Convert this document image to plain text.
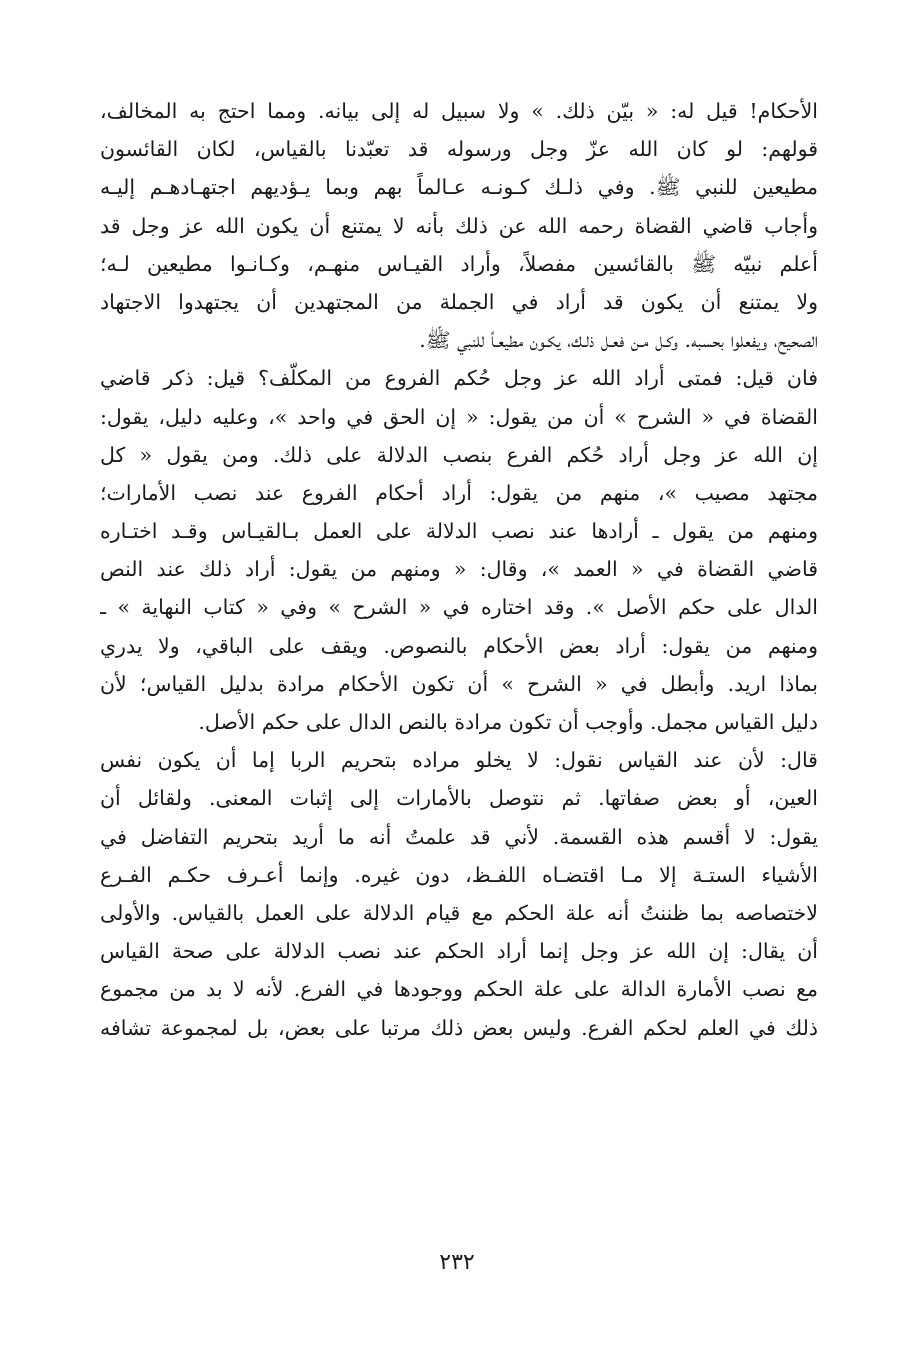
الأحكام! قيل له: « بيّن ذلك. » ولا سبيل له إلى بيانه. ومما احتج به المخالف،
قولهم: لو كان الله عزّ وجل ورسوله قد تعبّدنا بالقياس، لكان القائسون
مطيعين للنبي ﷺ. وفي ذلـك كـونـه عـالماً بهم وبما يـؤديهم اجتهـادهـم إليـه
وأجاب قاضي القضاة رحمه الله عن ذلك بأنه لا يمتنع أن يكون الله عز وجل قد
أعلم نبيّه ﷺ بالقائسين مفصلاً، وأراد القيـاس منهـم، وكـانـوا مطيعين لـه؛
ولا يمتنع أن يكون قد أراد في الجملة من المجتهدين أن يجتهدوا الاجتهاد
الصحيح، ويفعلوا بحسبه. وكـل مـن فعـل ذلـك، يكـون مطيعـاً للنبي ﷺ.
فان قيل: فمتى أراد الله عز وجل حُكم الفروع من المكلّف؟ قيل: ذكر قاضي
القضاة في « الشرح » أن من يقول: « إن الحق في واحد »، وعليه دليل، يقول:
إن الله عز وجل أراد حُكم الفرع بنصب الدلالة على ذلك. ومن يقول « كل
مجتهد مصيب »، منهم من يقول: أراد أحكام الفروع عند نصب الأمارات؛
ومنهم من يقول ـ أرادها عند نصب الدلالة على العمل بـالقيـاس وقـد اختـاره
قاضي القضاة في « العمد »، وقال: « ومنهم من يقول: أراد ذلك عند النص
الدال على حكم الأصل ». وقد اختاره في « الشرح » وفي « كتاب النهاية » ـ
ومنهم من يقول: أراد بعض الأحكام بالنصوص. ويقف على الباقي، ولا يدري
بماذا اريد. وأبطل في « الشرح » أن تكون الأحكام مرادة بدليل القياس؛ لأن
دليل القياس مجمل. وأوجب أن تكون مرادة بالنص الدال على حكم الأصل.
قال: لأن عند القياس نقول: لا يخلو مراده بتحريم الربا إما أن يكون نفس
العين، أو بعض صفاتها. ثم نتوصل بالأمارات إلى إثبات المعنى. ولقائل أن
يقول: لا أقسم هذه القسمة. لأني قد علمتُ أنه ما أريد بتحريم التفاضل في
الأشياء الستـة إلا مـا اقتضـاه اللفـظ، دون غيره. وإنما أعـرف حكـم الفـرع
لاختصاصه بما ظننتُ أنه علة الحكم مع قيام الدلالة على العمل بالقياس. والأولى
أن يقال: إن الله عز وجل إنما أراد الحكم عند نصب الدلالة على صحة القياس
مع نصب الأمارة الدالة على علة الحكم ووجودها في الفرع. لأنه لا بد من مجموع
ذلك في العلم لحكم الفرع. وليس بعض ذلك مرتبا على بعض، بل لمجموعة تشافه
٢٣٢
